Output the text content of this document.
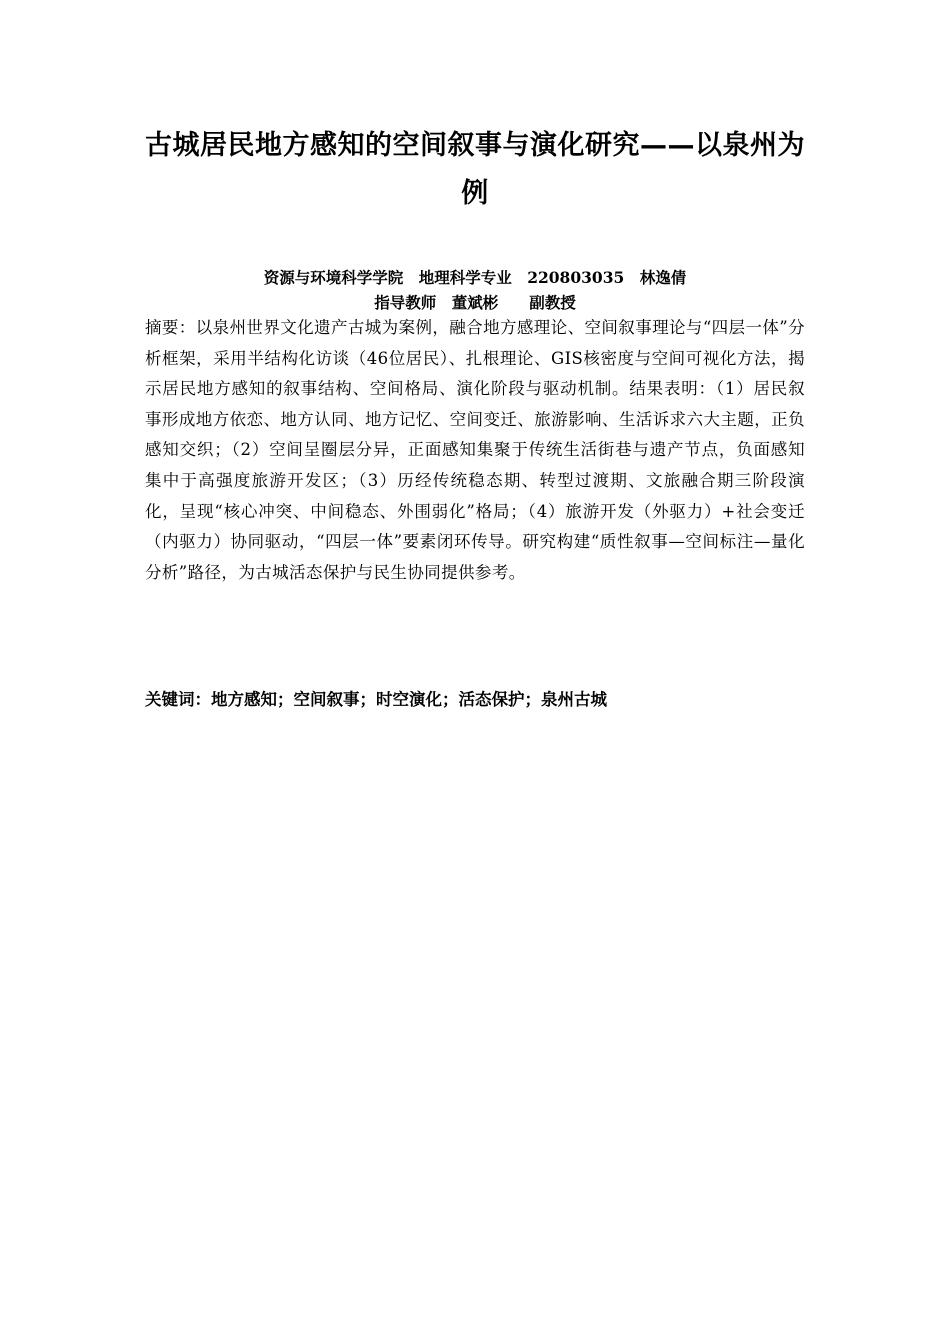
古城居民地方感知的空间叙事与演化研究——以泉州为例
资源与环境科学学院　地理科学专业　220803035　林逸倩
指导教师　董斌彬　　副教授
摘要：以泉州世界文化遗产古城为案例，融合地方感理论、空间叙事理论与“四层一体”分析框架，采用半结构化访谈（46位居民）、扎根理论、GIS核密度与空间可视化方法，揭示居民地方感知的叙事结构、空间格局、演化阶段与驱动机制。结果表明：（1）居民叙事形成地方依恋、地方认同、地方记忆、空间变迁、旅游影响、生活诉求六大主题，正负感知交织；（2）空间呈圈层分异，正面感知集聚于传统生活街巷与遗产节点，负面感知集中于高强度旅游开发区；（3）历经传统稳态期、转型过渡期、文旅融合期三阶段演化，呈现“核心冲突、中间稳态、外围弱化”格局；（4）旅游开发（外驱力）+社会变迁（内驱力）协同驱动，“四层一体”要素闭环传导。研究构建“质性叙事—空间标注—量化分析”路径，为古城活态保护与民生协同提供参考。
关键词：地方感知；空间叙事；时空演化；活态保护；泉州古城
